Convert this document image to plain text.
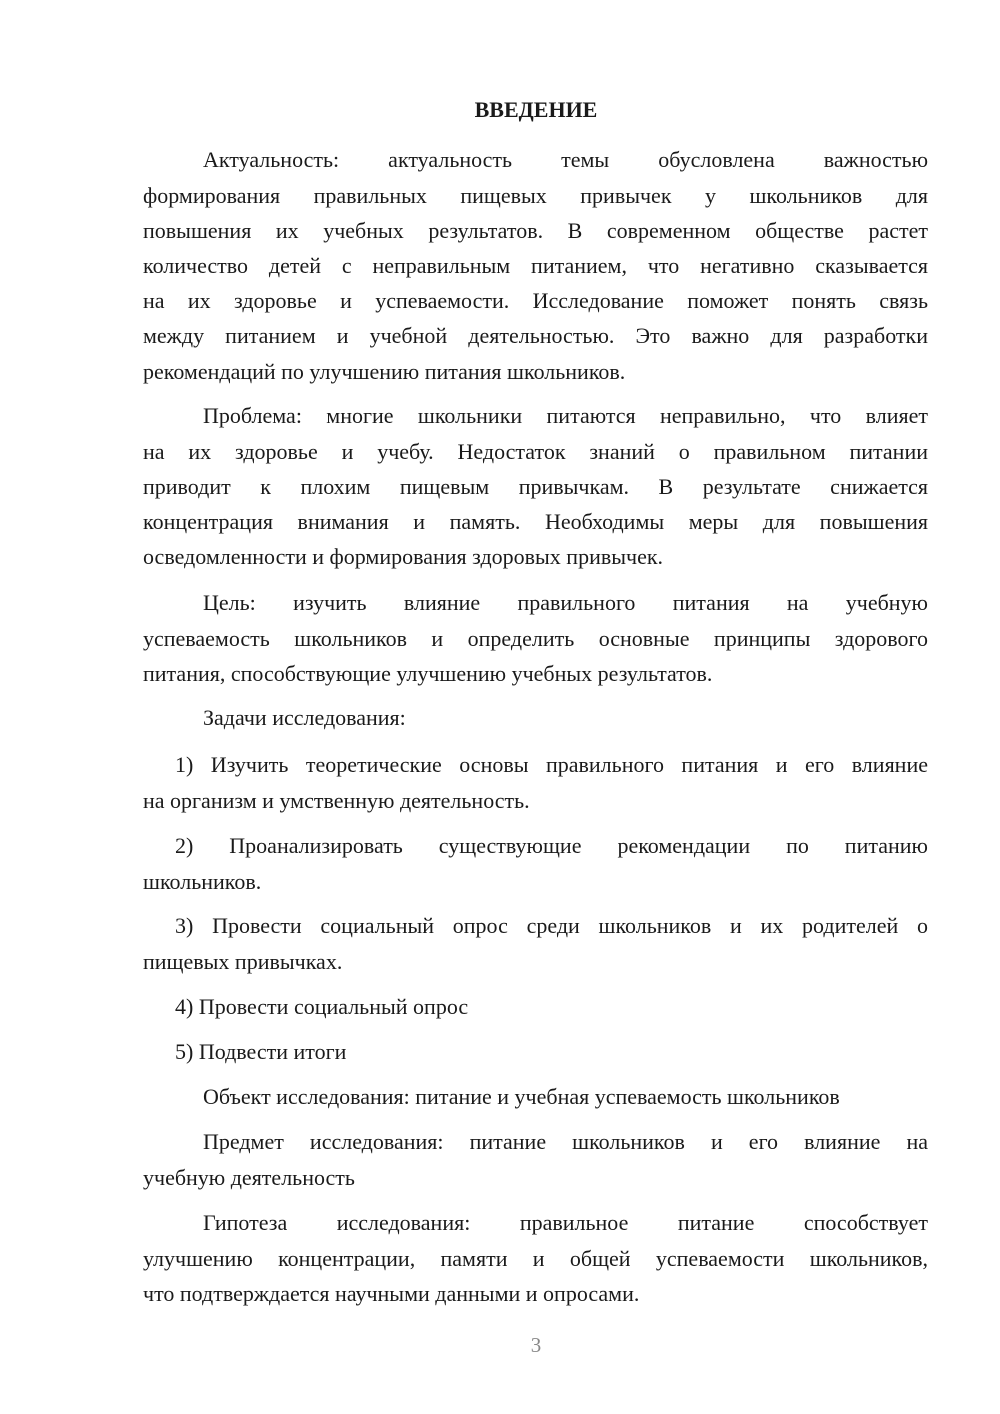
ВВЕДЕНИЕ
Актуальность: актуальность темы обусловлена важностью
формирования правильных пищевых привычек у школьников для
повышения их учебных результатов. В современном обществе растет
количество детей с неправильным питанием, что негативно сказывается
на их здоровье и успеваемости. Исследование поможет понять связь
между питанием и учебной деятельностью. Это важно для разработки
рекомендаций по улучшению питания школьников.
Проблема: многие школьники питаются неправильно, что влияет
на их здоровье и учебу. Недостаток знаний о правильном питании
приводит к плохим пищевым привычкам. В результате снижается
концентрация внимания и память. Необходимы меры для повышения
осведомленности и формирования здоровых привычек.
Цель: изучить влияние правильного питания на учебную
успеваемость школьников и определить основные принципы здорового
питания, способствующие улучшению учебных результатов.
Задачи исследования:
1) Изучить теоретические основы правильного питания и его влияние
на организм и умственную деятельность.
2) Проанализировать существующие рекомендации по питанию
школьников.
3) Провести социальный опрос среди школьников и их родителей о
пищевых привычках.
4) Провести социальный опрос
5) Подвести итоги
Объект исследования: питание и учебная успеваемость школьников
Предмет исследования: питание школьников и его влияние на
учебную деятельность
Гипотеза исследования: правильное питание способствует
улучшению концентрации, памяти и общей успеваемости школьников,
что подтверждается научными данными и опросами.
3
